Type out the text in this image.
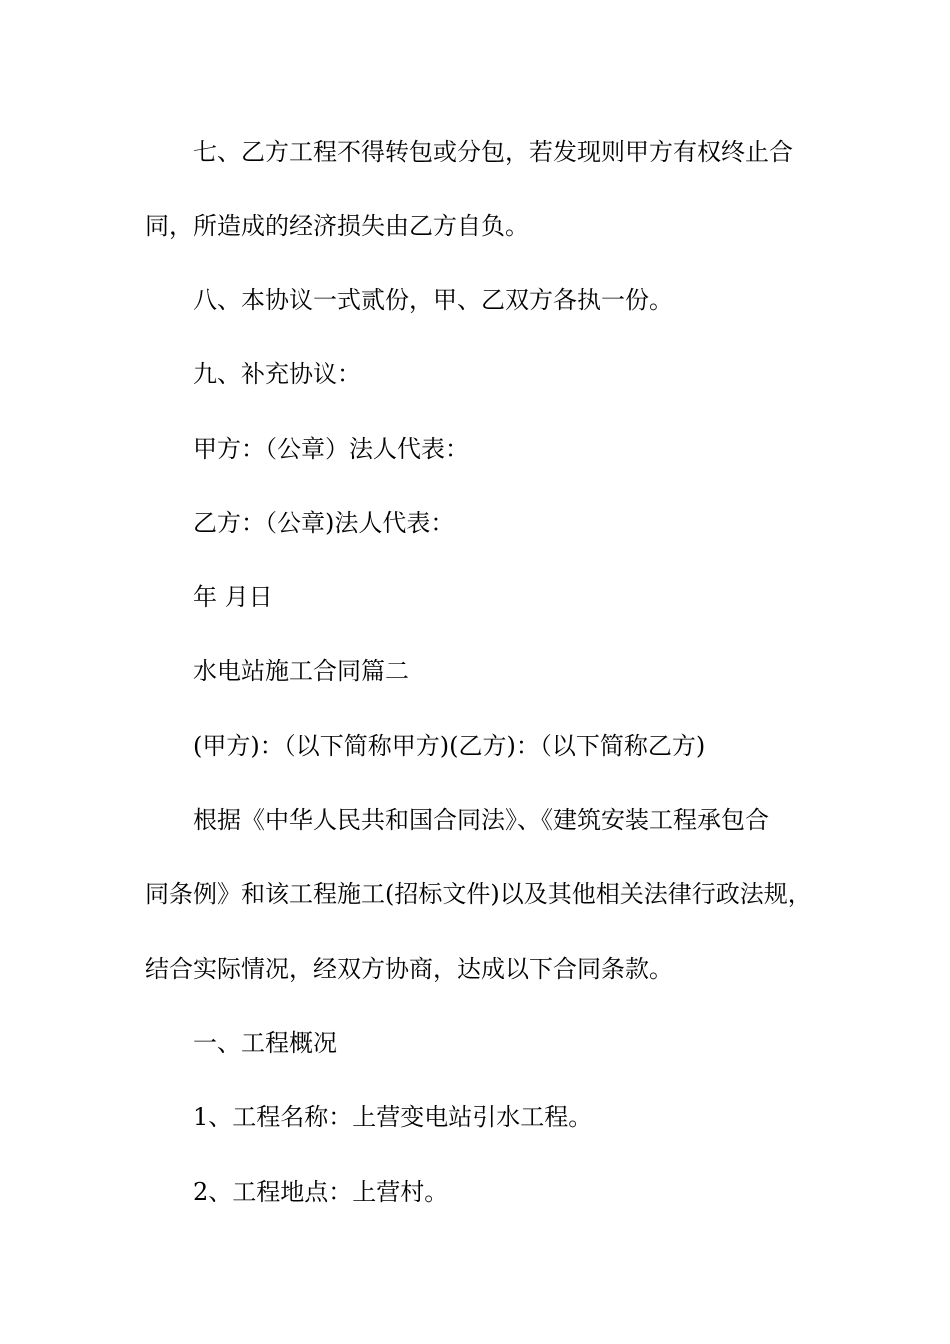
七、乙方工程不得转包或分包，若发现则甲方有权终止合
同，所造成的经济损失由乙方自负。
八、本协议一式贰份，甲、乙双方各执一份。
九、补充协议：
甲方：（公章）法人代表：
乙方：（公章)法人代表：
年 月日
水电站施工合同篇二
(甲方)：（以下简称甲方)(乙方)：（以下简称乙方)
根据《中华人民共和国合同法》、《建筑安装工程承包合
同条例》和该工程施工(招标文件)以及其他相关法律行政法规，
结合实际情况，经双方协商，达成以下合同条款。
一、工程概况
1、工程名称：上营变电站引水工程。
2、工程地点：上营村。
